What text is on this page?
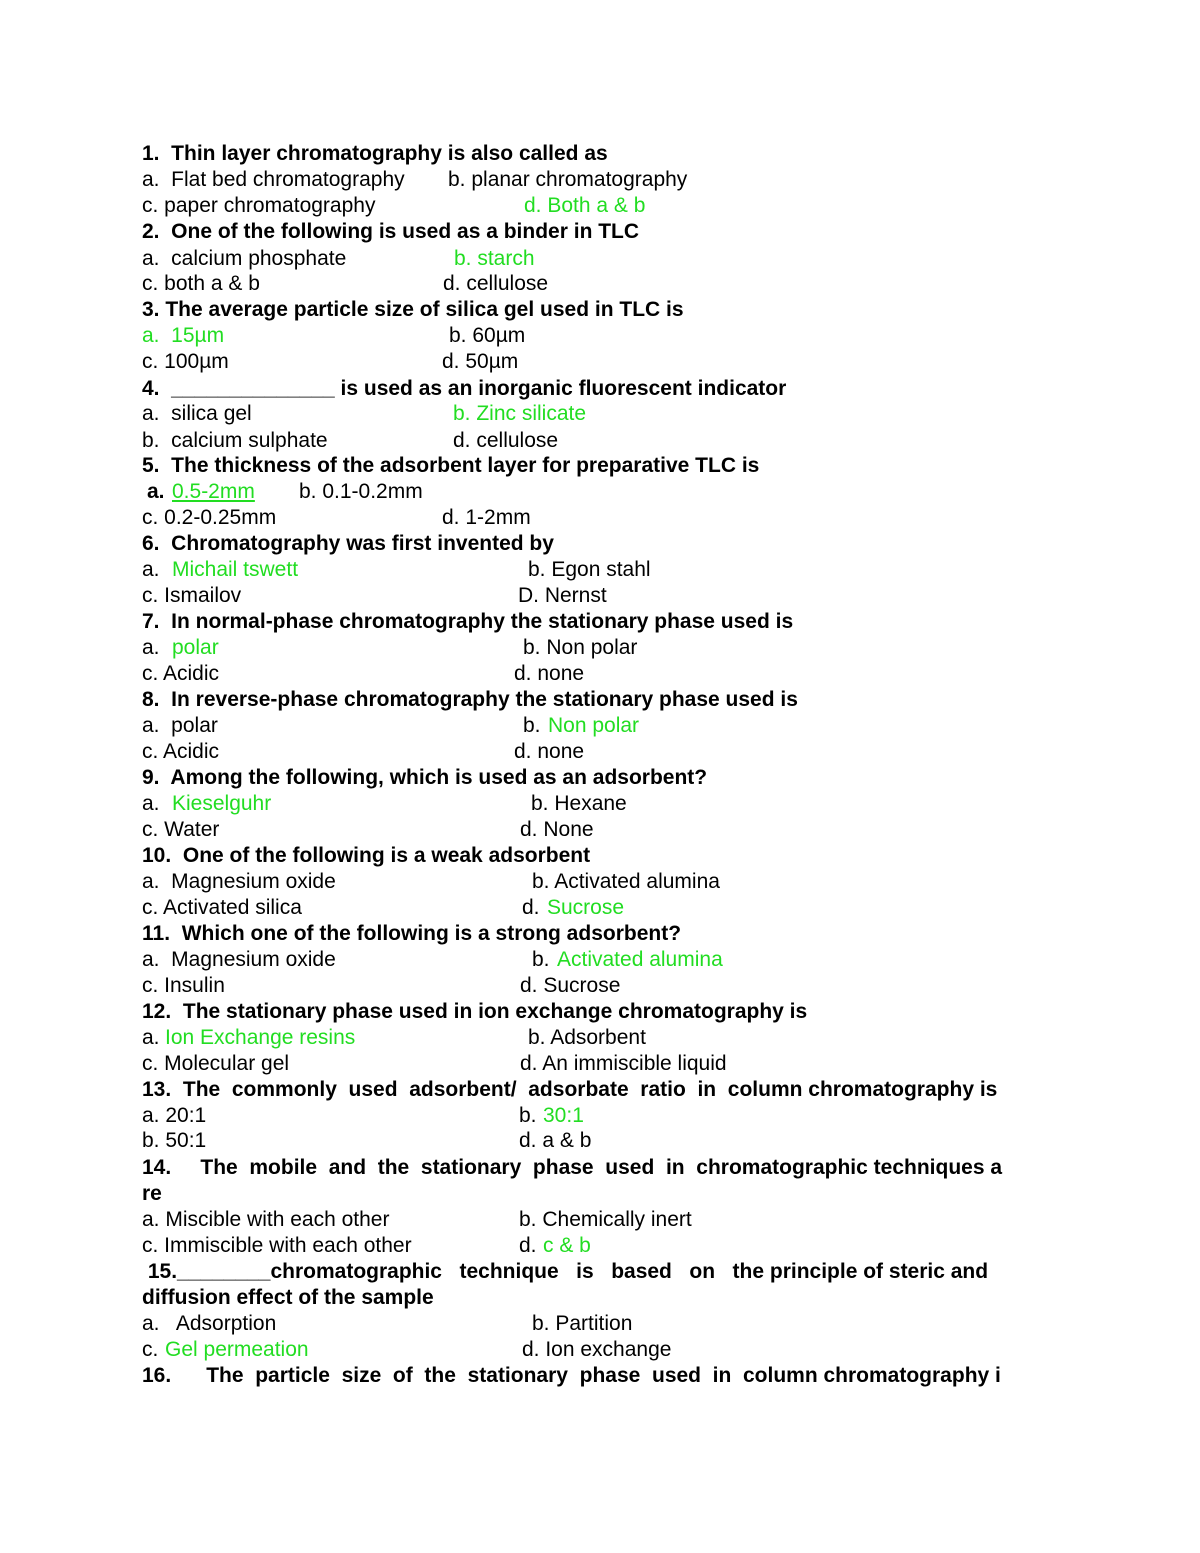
1.  Thin layer chromatography is also called as

a.  Flat bed chromatography

b. planar chromatography

c. paper chromatography

	d. Both a & b

2.  One of the following is used as a binder in TLC

a.  calcium phosphate

	b. starch

c. both a & b

	d. cellulose

3. The average particle size of silica gel used in TLC is

a.  15µm

	b. 60µm

c. 100µm

	d. 50µm

4.  ______________ is used as an inorganic fluorescent indicator

a.  silica gel

	b. Zinc silicate

b.  calcium sulphate

	d. cellulose

5.  The thickness of the adsorbent layer for preparative TLC is

a.

0.5-2mm

b. 0.1-0.2mm

c. 0.2-0.25mm

	d. 1-2mm

6.  Chromatography was first invented by

a.

Michail tswett

	b. Egon stahl

c. Ismailov

	D. Nernst

7.  In normal-phase chromatography the stationary phase used is

a.

polar

	b. Non polar

c. Acidic

	d. none

8.  In reverse-phase chromatography the stationary phase used is

a.  polar

	b.

Non polar

c. Acidic

	d. none

9.  Among the following, which is used as an adsorbent?

a.

Kieselguhr

	b. Hexane

c. Water

	d. None

10.  One of the following is a weak adsorbent

a.  Magnesium oxide

	b. Activated alumina

c. Activated silica

	d.

Sucrose

11.  Which one of the following is a strong adsorbent?

a.  Magnesium oxide

	b.

Activated alumina

c. Insulin

	d. Sucrose

12.  The stationary phase used in ion exchange chromatography is

a.

Ion Exchange resins

	b. Adsorbent

c. Molecular gel

	d. An immiscible liquid

13.  The  commonly  used  adsorbent/  adsorbate  ratio  in  column chromatography is

a. 20:1

	b.

30:1

b. 50:1

	d. a & b

14.     The  mobile  and  the  stationary  phase  used  in  chromatographic techniques a
re

a. Miscible with each other

	b. Chemically inert

c. Immiscible with each other

	d.

c & b

15.________chromatographic   technique   is   based   on   the principle of steric and
diffusion effect of the sample

a.   Adsorption

	b. Partition

c.

Gel permeation

	d. Ion exchange

16.      The  particle  size  of  the  stationary  phase  used  in  column chromatography i
